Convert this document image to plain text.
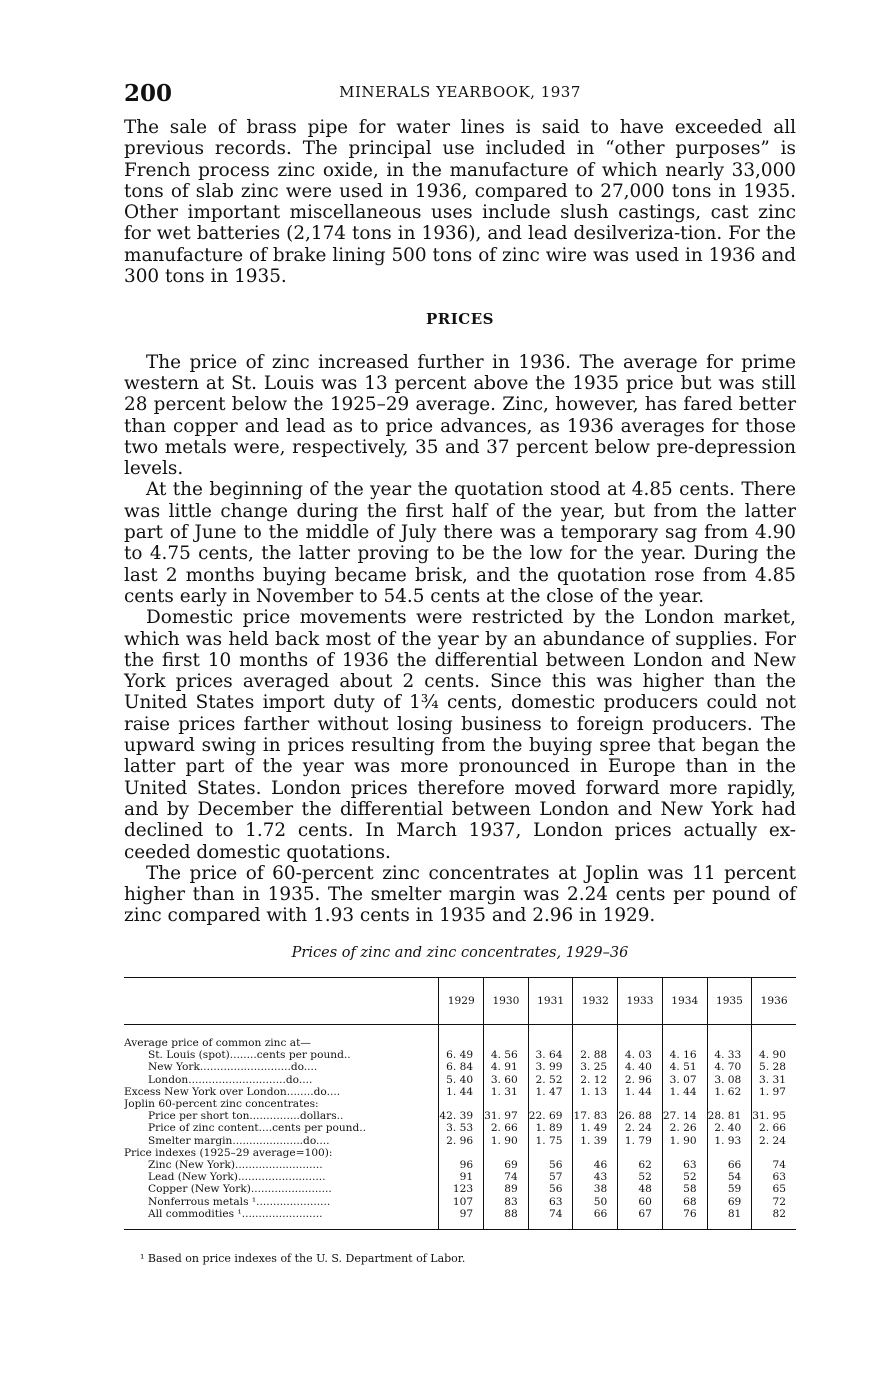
200	MINERALS YEARBOOK, 1937

The sale of brass pipe for water lines is said to have exceeded all previous records. The principal use included in “other purposes” is French process zinc oxide, in the manufacture of which nearly 33,000 tons of slab zinc were used in 1936, compared to 27,000 tons in 1935. Other important miscellaneous uses include slush castings, cast zinc for wet batteries (2,174 tons in 1936), and lead desilveriza-tion. For the manufacture of brake lining 500 tons of zinc wire was used in 1936 and 300 tons in 1935.

PRICES

The price of zinc increased further in 1936. The average for prime western at St. Louis was 13 percent above the 1935 price but was still 28 percent below the 1925–29 average. Zinc, however, has fared better than copper and lead as to price advances, as 1936 averages for those two metals were, respectively, 35 and 37 percent below pre-depression levels.

At the beginning of the year the quotation stood at 4.85 cents. There was little change during the first half of the year, but from the latter part of June to the middle of July there was a temporary sag from 4.90 to 4.75 cents, the latter proving to be the low for the year. During the last 2 months buying became brisk, and the quotation rose from 4.85 cents early in November to 54.5 cents at the close of the year.

Domestic price movements were restricted by the London market, which was held back most of the year by an abundance of supplies. For the first 10 months of 1936 the differential between London and New York prices averaged about 2 cents. Since this was higher than the United States import duty of 1¾ cents, domestic producers could not raise prices farther without losing business to foreign producers. The upward swing in prices resulting from the buying spree that began the latter part of the year was more pronounced in Europe than in the United States. London prices therefore moved forward more rapidly, and by December the differential between London and New York had declined to 1.72 cents. In March 1937, London prices actually ex-ceeded domestic quotations.

The price of 60-percent zinc concentrates at Joplin was 11 percent higher than in 1935. The smelter margin was 2.24 cents per pound of zinc compared with 1.93 cents in 1935 and 2.96 in 1929.

Prices of zinc and zinc concentrates, 1929–36
	1929	1930	1931	1932	1933	1934	1935	1936

Average price of common zinc at—								
St. Louis (spot)........cents per pound..	6. 49	4. 56	3. 64	2. 88	4. 03	4. 16	4. 33	4. 90
New York...........................do....	6. 84	4. 91	3. 99	3. 25	4. 40	4. 51	4. 70	5. 28
London.............................do....	5. 40	3. 60	2. 52	2. 12	2. 96	3. 07	3. 08	3. 31
Excess New York over London........do....	1. 44	1. 31	1. 47	1. 13	1. 44	1. 44	1. 62	1. 97
Joplin 60-percent zinc concentrates:								
Price per short ton...............dollars..	42. 39	31. 97	22. 69	17. 83	26. 88	27. 14	28. 81	31. 95
Price of zinc content....cents per pound..	3. 53	2. 66	1. 89	1. 49	2. 24	2. 26	2. 40	2. 66
Smelter margin.....................do....	2. 96	1. 90	1. 75	1. 39	1. 79	1. 90	1. 93	2. 24
Price indexes (1925–29 average=100):								
Zinc (New York)..........................	96	69	56	46	62	63	66	74
Lead (New York)..........................	91	74	57	43	52	52	54	63
Copper (New York)........................	123	89	56	38	48	58	59	65
Nonferrous metals ¹......................	107	83	63	50	60	68	69	72
All commodities ¹........................	97	88	74	66	67	76	81	82
¹ Based on price indexes of the U. S. Department of Labor.
